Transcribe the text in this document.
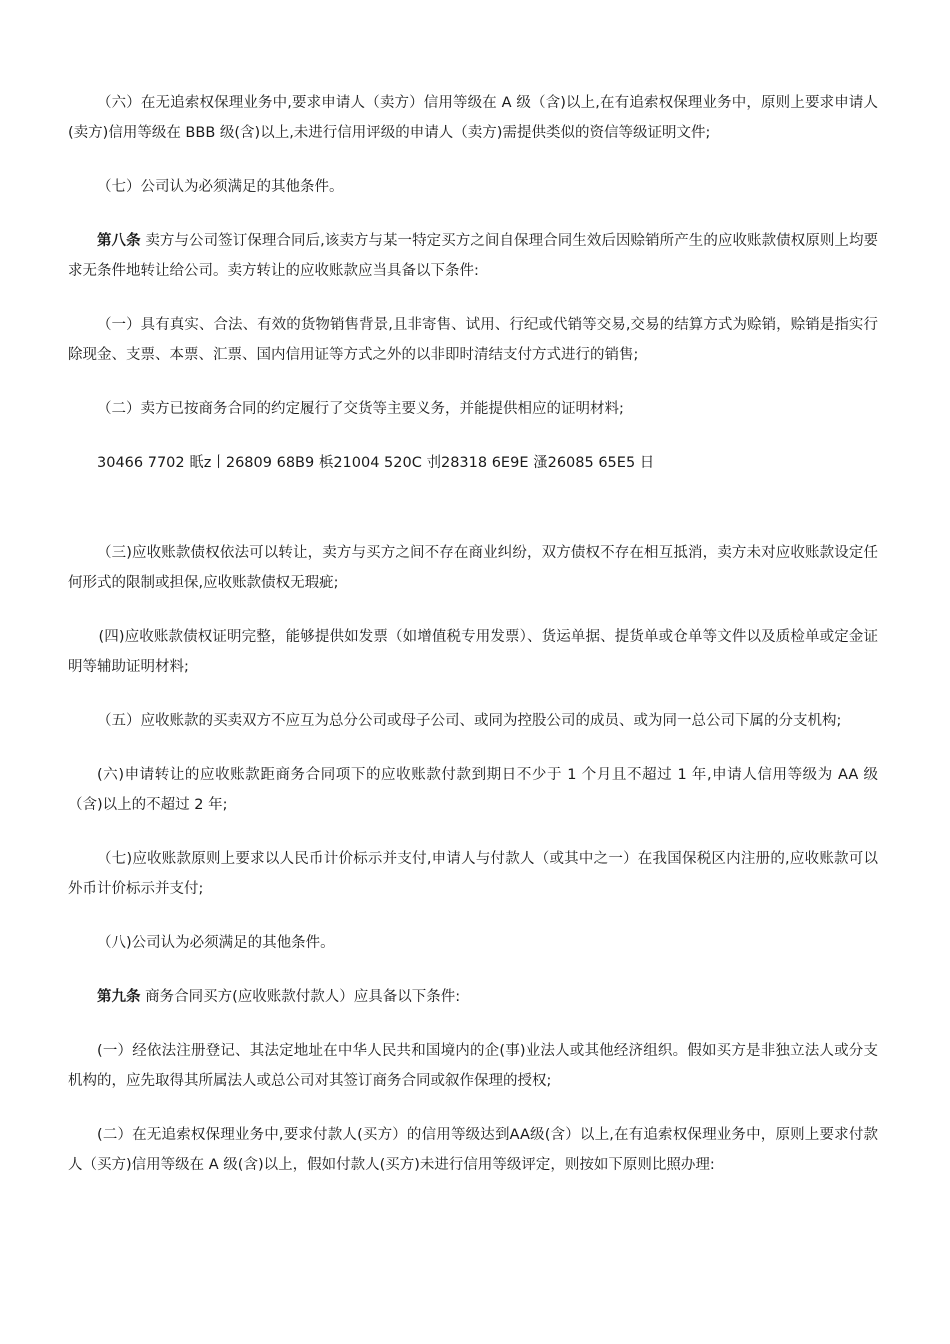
（六）在无追索权保理业务中,要求申请人（卖方）信用等级在 A 级（含)以上,在有追索权保理业务中，原则上要求申请人(卖方)信用等级在 BBB 级(含)以上,未进行信用评级的申请人（卖方)需提供类似的资信等级证明文件;

（七）公司认为必须满足的其他条件。

第八条 卖方与公司签订保理合同后,该卖方与某一特定买方之间自保理合同生效后因赊销所产生的应收账款债权原则上均要求无条件地转让给公司。卖方转让的应收账款应当具备以下条件:

（一）具有真实、合法、有效的货物销售背景,且非寄售、试用、行纪或代销等交易,交易的结算方式为赊销，赊销是指实行除现金、支票、本票、汇票、国内信用证等方式之外的以非即时清结支付方式进行的销售;

（二）卖方已按商务合同的约定履行了交货等主要义务，并能提供相应的证明材料;

30466 7702 眂z丨26809 68B9 梹21004 520C 刌28318 6E9E 溞26085 65E5 日

（三)应收账款债权依法可以转让，卖方与买方之间不存在商业纠纷，双方债权不存在相互抵消，卖方未对应收账款设定任何形式的限制或担保,应收账款债权无瑕疵;

(四)应收账款债权证明完整，能够提供如发票（如增值税专用发票）、货运单据、提货单或仓单等文件以及质检单或定金证明等辅助证明材料;

（五）应收账款的买卖双方不应互为总分公司或母子公司、或同为控股公司的成员、或为同一总公司下属的分支机构;

(六)申请转让的应收账款距商务合同项下的应收账款付款到期日不少于 1 个月且不超过 1 年,申请人信用等级为 AA 级（含)以上的不超过 2 年;

（七)应收账款原则上要求以人民币计价标示并支付,申请人与付款人（或其中之一）在我国保税区内注册的,应收账款可以外币计价标示并支付;

（八)公司认为必须满足的其他条件。

第九条 商务合同买方(应收账款付款人）应具备以下条件:

(一）经依法注册登记、其法定地址在中华人民共和国境内的企(事)业法人或其他经济组织。假如买方是非独立法人或分支机构的，应先取得其所属法人或总公司对其签订商务合同或叙作保理的授权;

(二）在无追索权保理业务中,要求付款人(买方）的信用等级达到AA级(含）以上,在有追索权保理业务中，原则上要求付款人（买方)信用等级在 A 级(含)以上，假如付款人(买方)未进行信用等级评定，则按如下原则比照办理:
